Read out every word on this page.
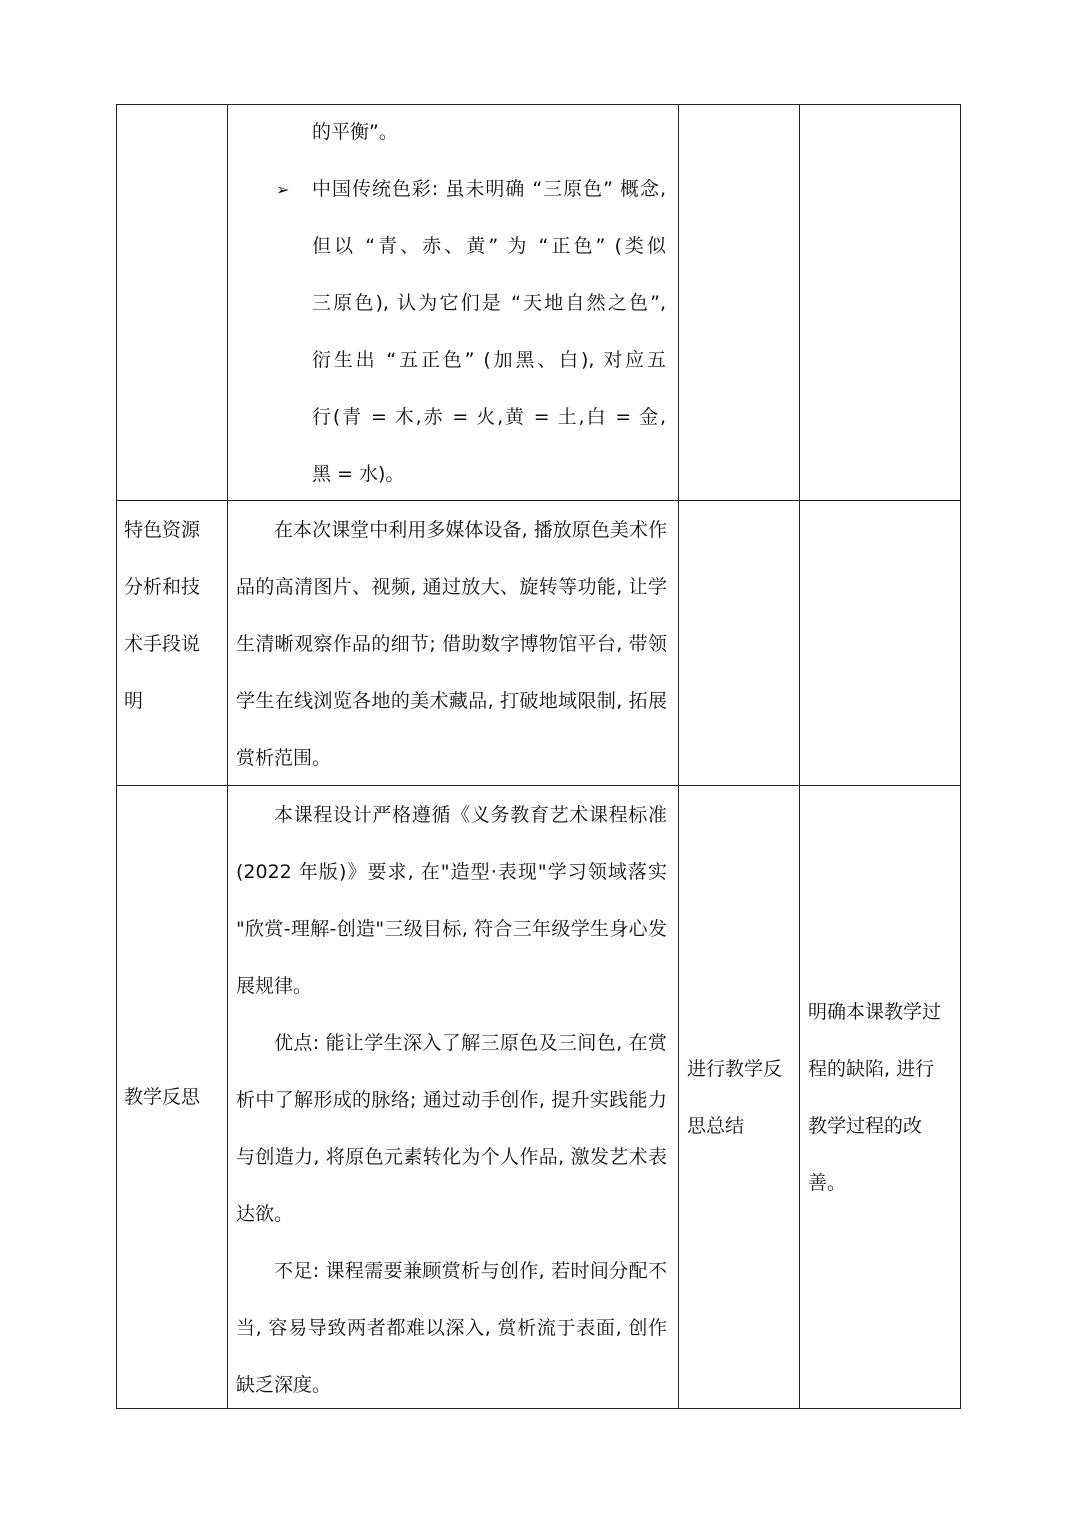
的平衡”。
➢ 中国传统色彩: 虽未明确 “三原色” 概念,
但以 “青、赤、黄” 为 “正色” (类似
三原色), 认为它们是 “天地自然之色”,
衍生出 “五正色” (加黑、白), 对应五
行(青 = 木,赤 = 火,黄 = 土,白 = 金,
黑 = 水)。
特色资源
分析和技
术手段说
明
在本次课堂中利用多媒体设备, 播放原色美术作
品的高清图片、视频, 通过放大、旋转等功能, 让学
生清晰观察作品的细节; 借助数字博物馆平台, 带领
学生在线浏览各地的美术藏品, 打破地域限制, 拓展
赏析范围。
教学反思
本课程设计严格遵循《义务教育艺术课程标准
(2022 年版)》要求, 在"造型·表现"学习领域落实
"欣赏-理解-创造"三级目标, 符合三年级学生身心发
展规律。
优点: 能让学生深入了解三原色及三间色, 在赏
析中了解形成的脉络; 通过动手创作, 提升实践能力
与创造力, 将原色元素转化为个人作品, 激发艺术表
达欲。
不足: 课程需要兼顾赏析与创作, 若时间分配不
当, 容易导致两者都难以深入, 赏析流于表面, 创作
缺乏深度。
进行教学反
思总结
明确本课教学过
程的缺陷, 进行
教学过程的改
善。
